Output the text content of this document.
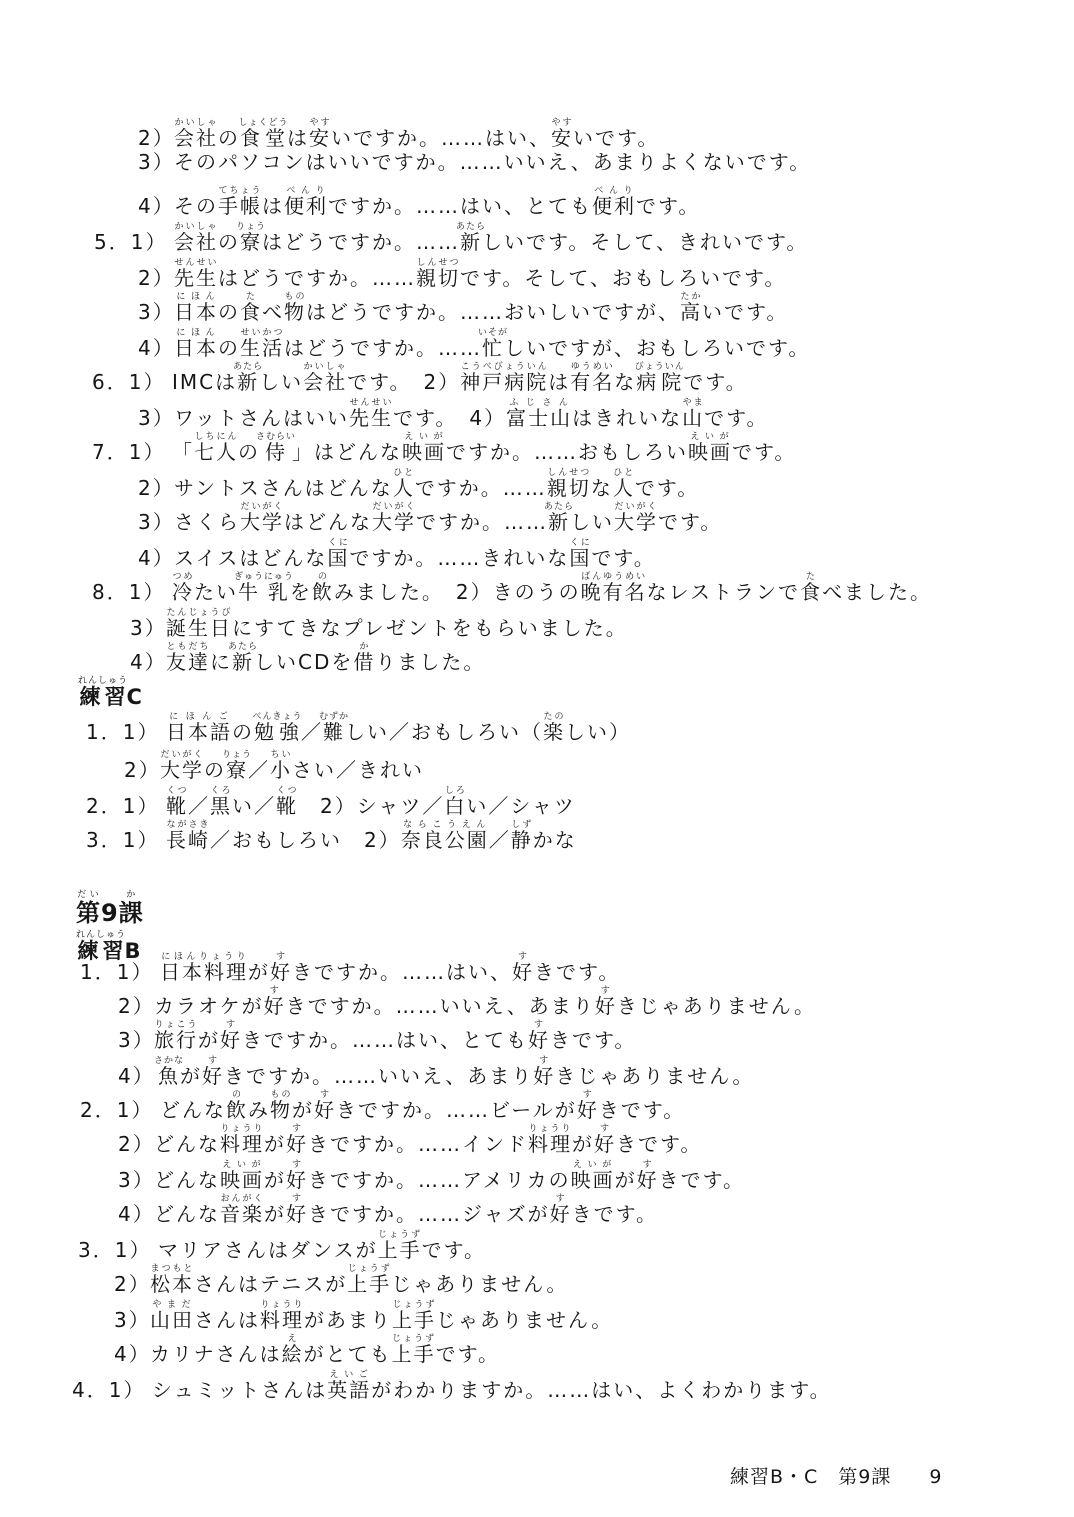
2）会社かいしゃの食堂しょくどうは安やすいですか。……はい、安やすいです。
3）そのパソコンはいいですか。……いいえ、あまりよくないです。
4）その手帳てちょうは便利べんりですか。……はい、とても便利べんりです。
5．1） 会社かいしゃの寮りょうはどうですか。……新あたらしいです。そして、きれいです。
2）先生せんせいはどうですか。……親切しんせつです。そして、おもしろいです。
3）日本にほんの食たべ物ものはどうですか。……おいしいですが、高たかいです。
4）日本にほんの生活せいかつはどうですか。……忙いそがしいですが、おもしろいです。
6．1） IMCは新あたらしい会社かいしゃです。　2）神戸病院こうべびょういんは有名ゆうめいな病院びょういんです。
3）ワットさんはいい先生せんせいです。　4）富士山ふじさんはきれいな山やまです。
7．1） 「七人しちにんの侍さむらい」はどんな映画えいがですか。……おもしろい映画えいがです。
2）サントスさんはどんな人ひとですか。……親切しんせつな人ひとです。
3）さくら大学だいがくはどんな大学だいがくですか。……新あたらしい大学だいがくです。
4）スイスはどんな国くにですか。……きれいな国くにです。
8．1） 冷つめたい牛乳ぎゅうにゅうを飲のみました。　2）きのうの晩ばん有名ゆうめいなレストランで食たべました。
3）誕生日たんじょうびにすてきなプレゼントをもらいました。
4）友達ともだちに新あたらしいCDを借かりました。
1．1） 日本語にほんごの勉強べんきょう／難むずかしい／おもしろい（楽たのしい）
2）大学だいがくの寮りょう／小ちいさい／きれい
2．1） 靴くつ／黒くろい／靴くつ　2）シャツ／白しろい／シャツ
3．1） 長崎ながさき／おもしろい　2）奈良公園ならこうえん／静しずかな
1．1） 日本料理にほんりょうりが好すきですか。……はい、好すきです。
2）カラオケが好すきですか。……いいえ、あまり好すきじゃありません。
3）旅行りょこうが好すきですか。……はい、とても好すきです。
4）魚さかなが好すきですか。……いいえ、あまり好すきじゃありません。
2．1） どんな飲のみ物ものが好すきですか。……ビールが好すきです。
2）どんな料理りょうりが好すきですか。……インド料理りょうりが好すきです。
3）どんな映画えいがが好すきですか。……アメリカの映画えいがが好すきです。
4）どんな音楽おんがくが好すきですか。……ジャズが好すきです。
3．1） マリアさんはダンスが上手じょうずです。
2）松本まつもとさんはテニスが上手じょうずじゃありません。
3）山田やまださんは料理りょうりがあまり上手じょうずじゃありません。
4）カリナさんは絵えがとても上手じょうずです。
4．1） シュミットさんは英語えいごがわかりますか。……はい、よくわかります。
練習れんしゅうC
第だい9課か
練習れんしゅうB
練習B・C　第9課 9
